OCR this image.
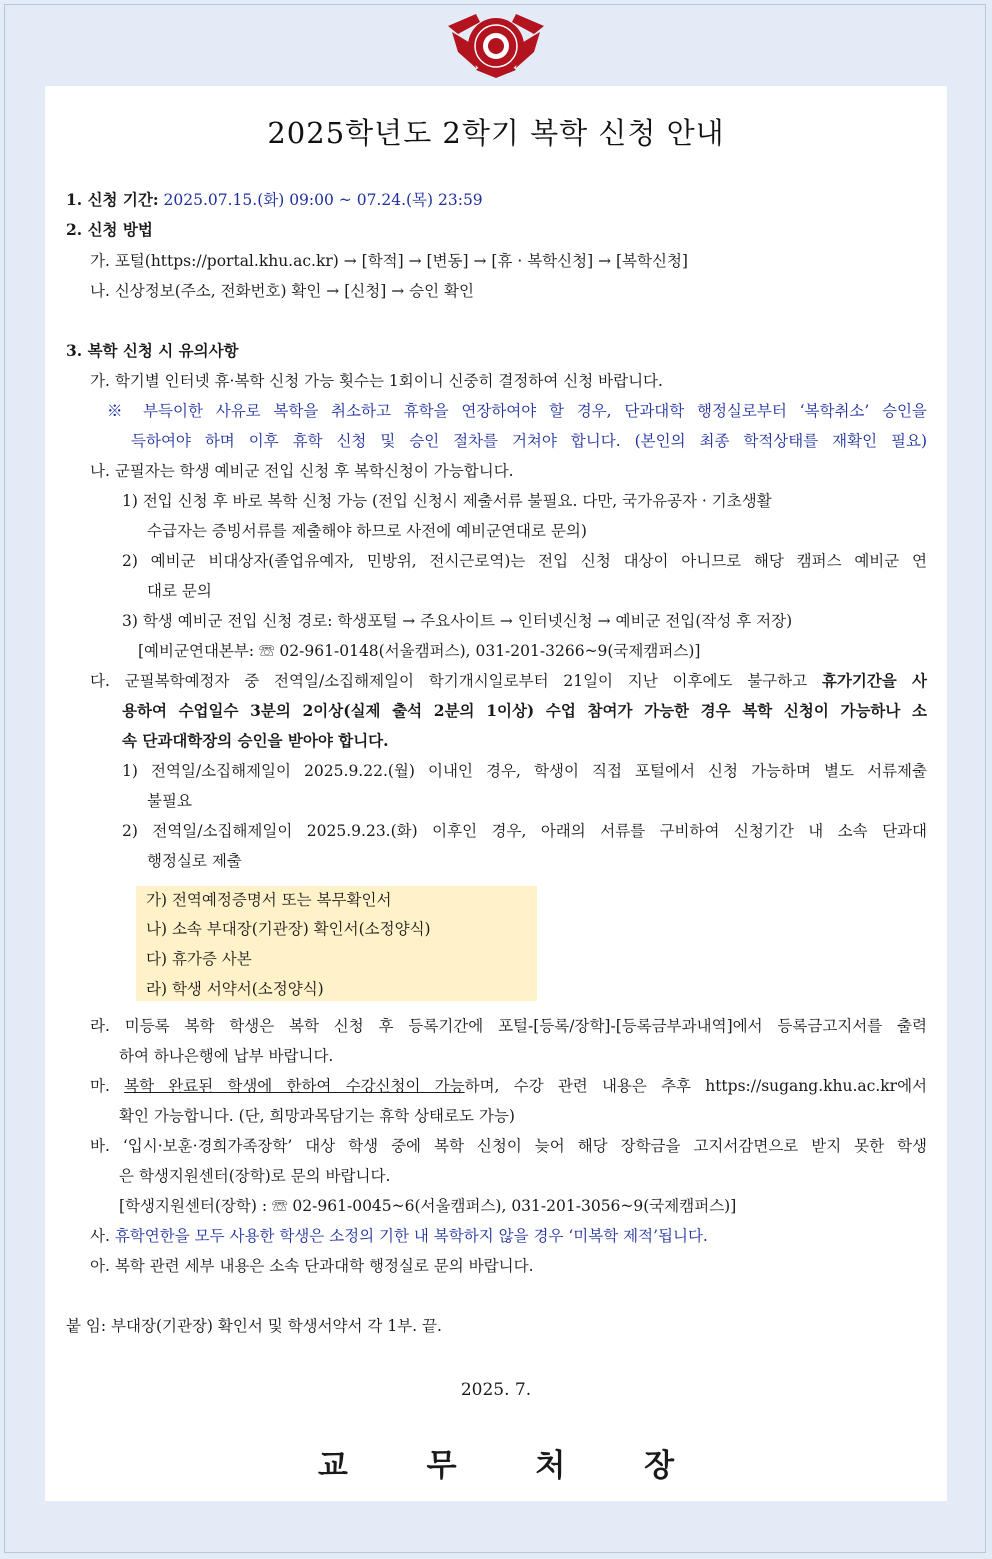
2025학년도 2학기 복학 신청 안내
1. 신청 기간: 2025.07.15.(화) 09:00 ~ 07.24.(목) 23:59
2. 신청 방법
가. 포털(https://portal.khu.ac.kr) → [학적] → [변동] → [휴 · 복학신청] → [복학신청]
나. 신상정보(주소, 전화번호) 확인 → [신청] → 승인 확인
3. 복학 신청 시 유의사항
가. 학기별 인터넷 휴·복학 신청 가능 횟수는 1회이니 신중히 결정하여 신청 바랍니다.
※ 부득이한 사유로 복학을 취소하고 휴학을 연장하여야 할 경우, 단과대학 행정실로부터 ‘복학취소’ 승인을
득하여야 하며 이후 휴학 신청 및 승인 절차를 거쳐야 합니다. (본인의 최종 학적상태를 재확인 필요)
나. 군필자는 학생 예비군 전입 신청 후 복학신청이 가능합니다.
1) 전입 신청 후 바로 복학 신청 가능 (전입 신청시 제출서류 불필요. 다만, 국가유공자 · 기초생활
수급자는 증빙서류를 제출해야 하므로 사전에 예비군연대로 문의)
2) 예비군 비대상자(졸업유예자, 민방위, 전시근로역)는 전입 신청 대상이 아니므로 해당 캠퍼스 예비군 연
대로 문의
3) 학생 예비군 전입 신청 경로: 학생포털 → 주요사이트 → 인터넷신청 → 예비군 전입(작성 후 저장)
[예비군연대본부: ☏ 02-961-0148(서울캠퍼스), 031-201-3266~9(국제캠퍼스)]
다. 군필복학예정자 중 전역일/소집해제일이 학기개시일로부터 21일이 지난 이후에도 불구하고 휴가기간을 사
용하여 수업일수 3분의 2이상(실제 출석 2분의 1이상) 수업 참여가 가능한 경우 복학 신청이 가능하나 소
속 단과대학장의 승인을 받아야 합니다.
1) 전역일/소집해제일이 2025.9.22.(월) 이내인 경우, 학생이 직접 포털에서 신청 가능하며 별도 서류제출
불필요
2) 전역일/소집해제일이 2025.9.23.(화) 이후인 경우, 아래의 서류를 구비하여 신청기간 내 소속 단과대
행정실로 제출
가) 전역예정증명서 또는 복무확인서
나) 소속 부대장(기관장) 확인서(소정양식)
다) 휴가증 사본
라) 학생 서약서(소정양식)
라. 미등록 복학 학생은 복학 신청 후 등록기간에 포털-[등록/장학]-[등록금부과내역]에서 등록금고지서를 출력
하여 하나은행에 납부 바랍니다.
마. 복학 완료된 학생에 한하여 수강신청이 가능하며, 수강 관련 내용은 추후 https://sugang.khu.ac.kr에서
확인 가능합니다. (단, 희망과목담기는 휴학 상태로도 가능)
바. ‘입시·보훈·경희가족장학’ 대상 학생 중에 복학 신청이 늦어 해당 장학금을 고지서감면으로 받지 못한 학생
은 학생지원센터(장학)로 문의 바랍니다.
[학생지원센터(장학) : ☏ 02-961-0045~6(서울캠퍼스), 031-201-3056~9(국제캠퍼스)]
사. 휴학연한을 모두 사용한 학생은 소정의 기한 내 복학하지 않을 경우 ‘미복학 제적’됩니다.
아. 복학 관련 세부 내용은 소속 단과대학 행정실로 문의 바랍니다.
붙 임: 부대장(기관장) 확인서 및 학생서약서 각 1부. 끝.
2025. 7.
교 무 처 장
